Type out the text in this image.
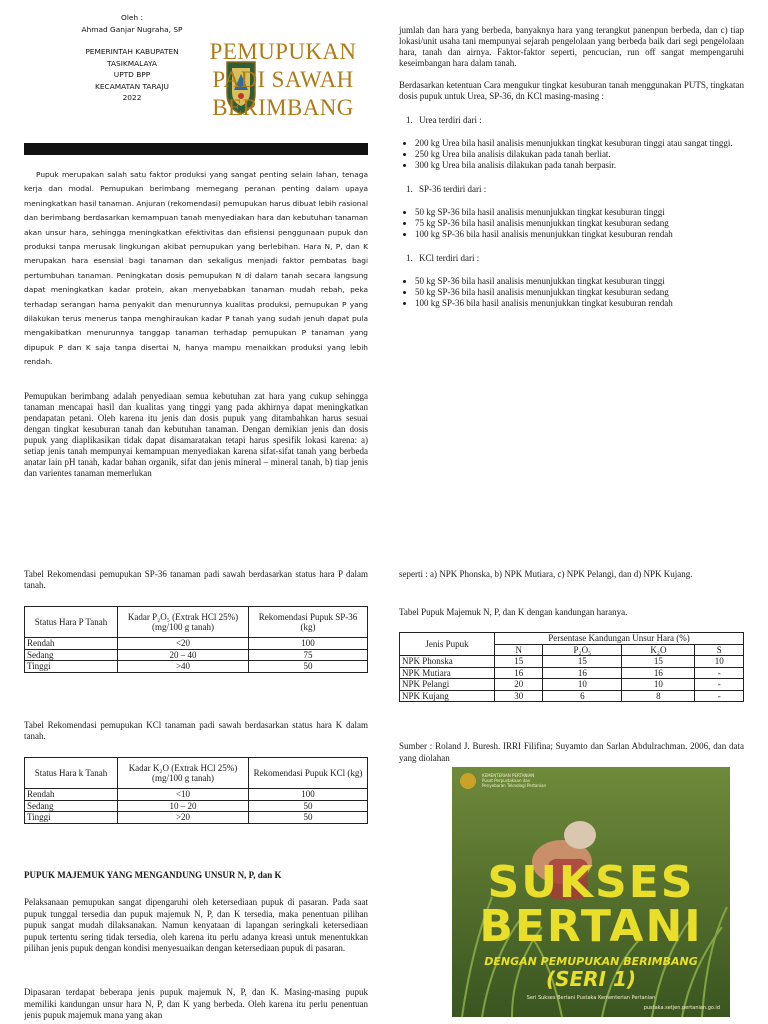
Oleh :
Ahmad Ganjar Nugraha, SP
PEMERINTAH KABUPATEN
TASIKMALAYA
UPTD BPP
KECAMATAN TARAJU
2022
PEMUPUKAN
PADI SAWAH
BERIMBANG

Pupuk merupakan salah satu faktor produksi yang sangat penting selain lahan, tenaga kerja dan modal. Pemupukan berimbang memegang peranan penting dalam upaya meningkatkan hasil tanaman. Anjuran (rekomendasi) pemupukan harus dibuat lebih rasional dan berimbang berdasarkan kemampuan tanah menyediakan hara dan kebutuhan tanaman akan unsur hara, sehingga meningkatkan efektivitas dan efisiensi penggunaan pupuk dan produksi tanpa merusak lingkungan akibat pemupukan yang berlebihan. Hara N, P, dan K merupakan hara esensial bagi tanaman dan sekaligus menjadi faktor pembatas bagi pertumbuhan tanaman. Peningkatan dosis pemupukan N di dalam tanah secara langsung dapat meningkatkan kadar protein, akan menyebabkan tanaman mudah rebah, peka terhadap serangan hama penyakit dan menurunnya kualitas produksi, pemupukan P yang dilakukan terus menerus tanpa menghiraukan kadar P tanah yang sudah jenuh dapat pula mengakibatkan menurunnya tanggap tanaman terhadap pemupukan P tanaman yang dipupuk P dan K saja tanpa disertai N, hanya mampu menaikkan produksi yang lebih rendah.

Pemupukan berimbang adalah penyediaan semua kebutuhan zat hara yang cukup sehingga tanaman mencapai hasil dan kualitas yang tinggi yang pada akhirnya dapat meningkatkan pendapatan petani. Oleh karena itu jenis dan dosis pupuk yang ditambahkan harus sesuai dengan tingkat kesuburan tanah dan kebutuhan tanaman. Dengan demikian jenis dan dosis pupuk yang diaplikasikan tidak dapat disamaratakan tetapi harus spesifik lokasi karena: a) setiap jenis tanah mempunyai kemampuan menyediakan karena sifat-sifat tanah yang berbeda anatar lain pH tanah, kadar bahan organik, sifat dan jenis mineral – mineral tanah, b) tiap jenis dan varientes tanaman memerlukan

Tabel Rekomendasi pemupukan SP-36 tanaman padi sawah berdasarkan status hara P dalam tanah.
Status Hara P Tanah	Kadar P₂O₅ (Extrak HCl 25%) (mg/100 g tanah)	Rekomendasi Pupuk SP-36 (kg)
Rendah	<20	100
Sedang	20 – 40	75
Tinggi	>40	50
Tabel Rekomendasi pemupukan KCl tanaman padi sawah berdasarkan status hara K dalam tanah.
Status Hara k Tanah	Kadar K₂O (Extrak HCl 25%) (mg/100 g tanah)	Rekomendasi Pupuk KCl (kg)
Rendah	<10	100
Sedang	10 – 20	50
Tinggi	>20	50
PUPUK MAJEMUK YANG MENGANDUNG UNSUR N, P, dan K
Pelaksanaan pemupukan sangat dipengaruhi oleh ketersediaan pupuk di pasaran. Pada saat pupuk tunggal tersedia dan pupuk majemuk N, P, dan K tersedia, maka penentuan pilihan pupuk sangat mudah dilaksanakan. Namun kenyataan di lapangan seringkali ketersediaan pupuk tertentu sering tidak tersedia, oleh karena itu perlu adanya kreasi untuk menentukkan pilihan jenis pupuk dengan kondisi menyesuaikan dengan ketersediaan pupuk di pasaran.
Dipasaran terdapat beberapa jenis pupuk majemuk N, P, dan K. Masing-masing pupuk memiliki kandungan unsur hara N, P, dan K yang berbeda. Oleh karena itu perlu penentuan jenis pupuk majemuk mana yang akan

jumlah dan hara yang berbeda, banyaknya hara yang terangkut panenpun berbeda, dan c) tiap lokasi/unit usaha tani mempunyai sejarah pengelolaan yang berbeda baik dari segi pengelolaan hara, tanah dan airnya. Faktor-faktor seperti, pencucian, run off sangat mempengaruhi keseimbangan hara dalam tanah.

Berdasarkan ketentuan Cara mengukur tingkat kesuburan tanah menggunakan PUTS, tingkatan dosis pupuk untuk Urea, SP-36, dn KCl masing-masing :

1. Urea terdiri dari :
• 200 kg Urea bila hasil analisis menunjukkan tingkat kesuburan tinggi atau sangat tinggi.
• 250 kg Urea bila analisis dilakukan pada tanah berliat.
• 300 kg Urea bila analisis dilakukan pada tanah berpasir.
1. SP-36 terdiri dari :
• 50 kg SP-36 bila hasil analisis menunjukkan tingkat kesuburan tinggi
• 75 kg SP-36 bila hasil analisis menunjukkan tingkat kesuburan sedang
• 100 kg SP-36 bila hasil analisis menunjukkan tingkat kesuburan rendah
1. KCl terdiri dari :
• 50 kg SP-36 bila hasil analisis menunjukkan tingkat kesuburan tinggi
• 50 kg SP-36 bila hasil analisis menunjukkan tingkat kesuburan sedang
• 100 kg SP-36 bila hasil analisis menunjukkan tingkat kesuburan rendah
seperti : a) NPK Phonska, b) NPK Mutiara, c) NPK Pelangi, dan d) NPK Kujang.
Tabel Pupuk Majemuk N, P, dan K dengan kandungan haranya.
Jenis Pupuk	Persentase Kandungan Unsur Hara (%)			
	N	P₂O₅	K₂O	S
NPK Phonska	15	15	15	10
NPK Mutiara	16	16	16	-
NPK Pelangi	20	10	10	-
NPK Kujang	30	6	8	-
Sumber : Roland J. Buresh. IRRI Filifina; Suyamto dan Sarlan Abdulrachman. 2006, dan data yang diolahan
KEMENTERIAN PERTANIAN
Pusat Perpustakaan dan
Penyebaran Teknologi Pertanian
SUKSES BERTANI
DENGAN PEMUPUKAN BERIMBANG
(SERI 1)
Seri Sukses Bertani Pustaka Kementerian Pertanian
pustaka.setjen.pertanian.go.id
